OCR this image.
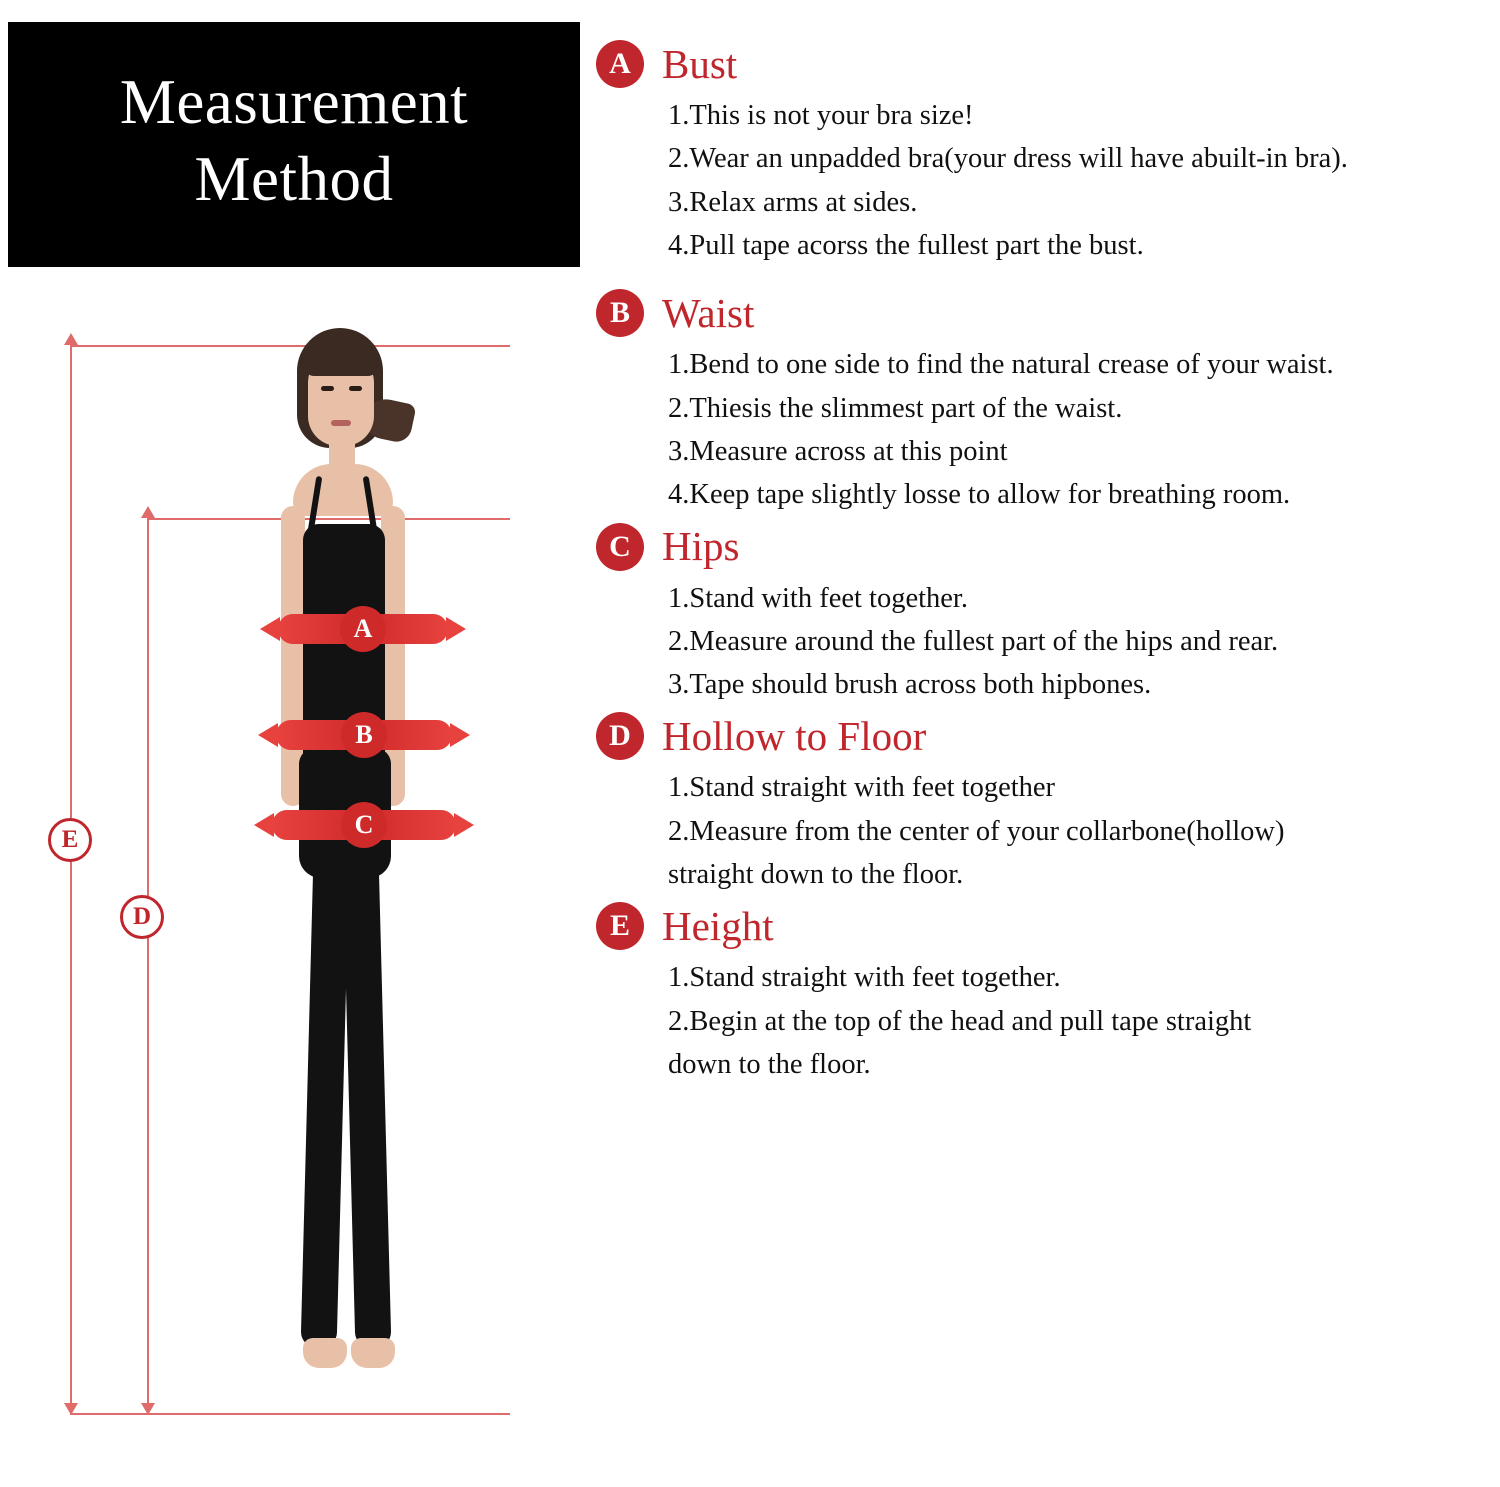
Measurement
Method
E
D
A
B
C
A Bust
1.This is not your bra size!
2.Wear an unpadded bra(your dress will have abuilt-in bra).
3.Relax arms at sides.
4.Pull tape acorss the fullest part the bust.
B Waist
1.Bend to one side to find the natural crease of your waist.
2.Thiesis the slimmest part of the waist.
3.Measure across at this point
4.Keep tape slightly losse to allow for breathing room.
C Hips
1.Stand with feet together.
2.Measure around the fullest part of the hips and rear.
3.Tape should brush across both hipbones.
D Hollow to Floor
1.Stand straight with feet together
2.Measure from the center of your collarbone(hollow)
straight down to the floor.
E Height
1.Stand straight with feet together.
2.Begin at the top of the head and pull tape straight
down to the floor.
